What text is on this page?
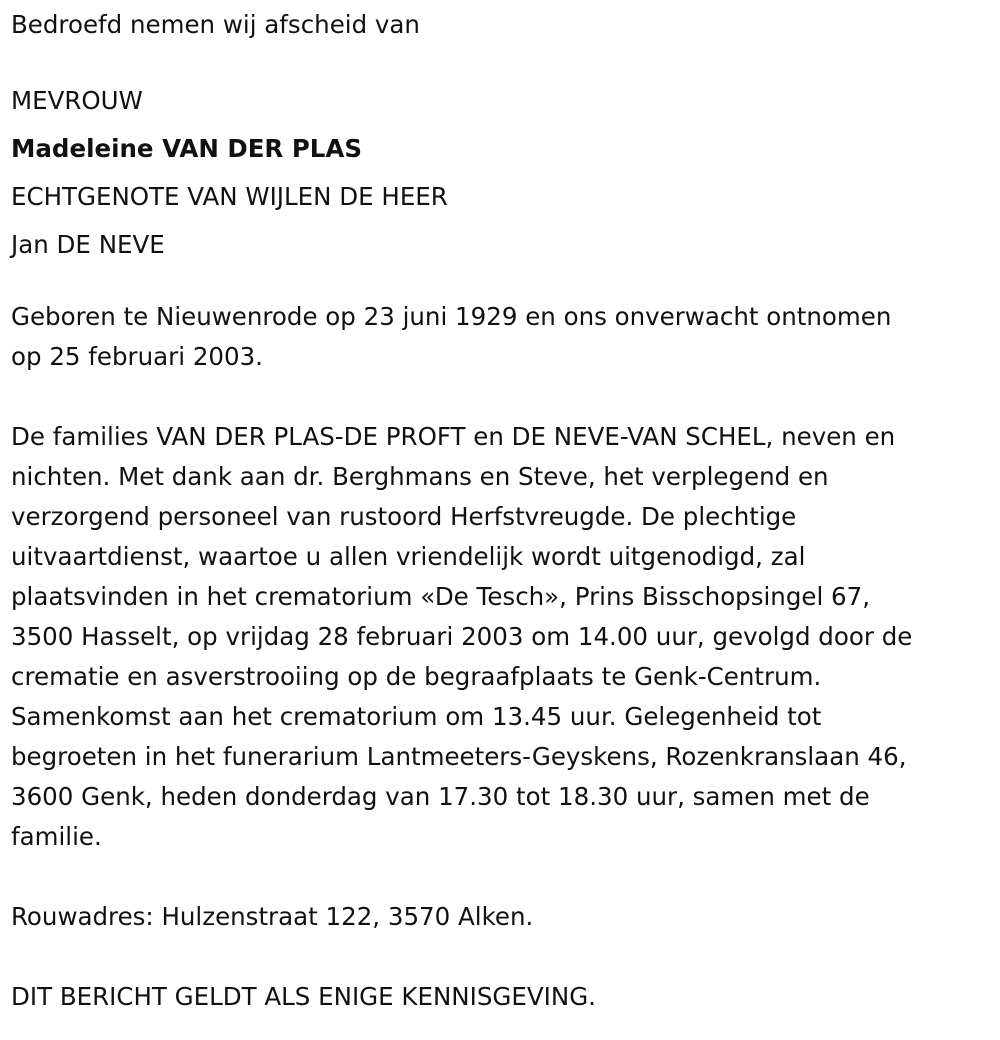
Bedroefd nemen wij afscheid van

MEVROUW

Madeleine VAN DER PLAS

ECHTGENOTE VAN WIJLEN DE HEER

Jan DE NEVE

Geboren te Nieuwenrode op 23 juni 1929 en ons onverwacht ontnomen

op 25 februari 2003.

De families VAN DER PLAS-DE PROFT en DE NEVE-VAN SCHEL, neven en

nichten. Met dank aan dr. Berghmans en Steve, het verplegend en

verzorgend personeel van rustoord Herfstvreugde. De plechtige

uitvaartdienst, waartoe u allen vriendelijk wordt uitgenodigd, zal

plaatsvinden in het crematorium «De Tesch», Prins Bisschopsingel 67,

3500 Hasselt, op vrijdag 28 februari 2003 om 14.00 uur, gevolgd door de

crematie en asverstrooiing op de begraafplaats te Genk-Centrum.

Samenkomst aan het crematorium om 13.45 uur. Gelegenheid tot

begroeten in het funerarium Lantmeeters-Geyskens, Rozenkranslaan 46,

3600 Genk, heden donderdag van 17.30 tot 18.30 uur, samen met de

familie.

Rouwadres: Hulzenstraat 122, 3570 Alken.

DIT BERICHT GELDT ALS ENIGE KENNISGEVING.
